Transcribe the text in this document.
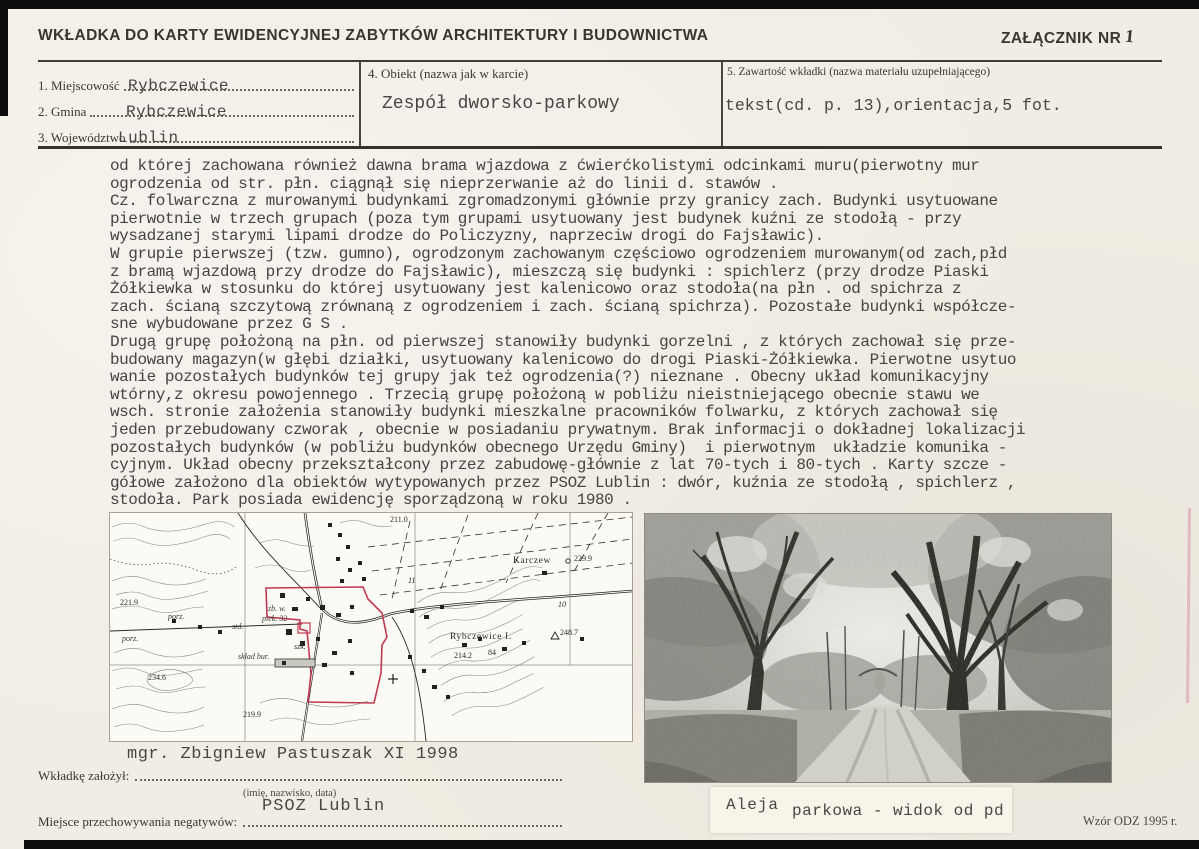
WKŁADKA DO KARTY EWIDENCYJNEJ ZABYTKÓW ARCHITEKTURY I BUDOWNICTWA	ZAŁĄCZNIK NR 1
1. Miejscowość Rybczewice
2. Gmina Rybczewice
3. Województwo
Lublin
4. Obiekt (nazwa jak w karcie)
Zespół dworsko-parkowy
5. Zawartość wkładki (nazwa materiału uzupełniającego)
tekst(cd. p. 13),orientacja,5 fot.
od której zachowana również dawna brama wjazdowa z ćwierćkolistymi odcinkami muru(pierwotny mur
ogrodzenia od str. płn. ciągnął się nieprzerwanie aż do linii d. stawów .
Cz. folwarczna z murowanymi budynkami zgromadzonymi głównie przy granicy zach. Budynki usytuowane
pierwotnie w trzech grupach (poza tym grupami usytuowany jest budynek kuźni ze stodołą - przy
wysadzanej starymi lipami drodze do Policzyzny, naprzeciw drogi do Fajsławic).
W grupie pierwszej (tzw. gumno), ogrodzonym zachowanym częściowo ogrodzeniem murowanym(od zach,płd
z bramą wjazdową przy drodze do Fajsławic), mieszczą się budynki : spichlerz (przy drodze Piaski
Żółkiewka w stosunku do której usytuowany jest kalenicowo oraz stodoła(na płn . od spichrza z
zach. ścianą szczytową zrównaną z ogrodzeniem i zach. ścianą spichrza). Pozostałe budynki współcze-
sne wybudowane przez G S .
Drugą grupę położoną na płn. od pierwszej stanowiły budynki gorzelni , z których zachował się prze-
budowany magazyn(w głębi działki, usytuowany kalenicowo do drogi Piaski-Żółkiewka. Pierwotne usytuo
wanie pozostałych budynków tej grupy jak też ogrodzenia(?) nieznane . Obecny układ komunikacyjny
wtórny,z okresu powojennego . Trzecią grupę położoną w pobliżu nieistniejącego obecnie stawu we
wsch. stronie założenia stanowiły budynki mieszkalne pracowników folwarku, z których zachował się
jeden przebudowany czworak , obecnie w posiadaniu prywatnym. Brak informacji o dokładnej lokalizacji
pozostałych budynków (w pobliżu budynków obecnego Urzędu Gminy)  i pierwotnym  układzie komunika -
cyjnym. Układ obecny przekształcony przez zabudowę-głównie z lat 70-tych i 80-tych . Karty szcze -
gółowe założono dla obiektów wytypowanych przez PSOZ Lublin : dwór, kuźnia ze stodołą , spichlerz ,
stodoła. Park posiada ewidencję sporządzoną w roku 1980 .
211.0
Karczew	229.9
221.9
porz.
porz.
std.
zb. w.
piek. 32
11
10
szk.
skład bur.
234.6
219.9
Rybczewice I.	248.7
84
214.2
mgr. Zbigniew Pastuszak XI 1998
Wkładkę założył:
(imię, nazwisko, data)
PSOZ Lublin
Miejsce przechowywania negatywów:
Aleja parkowa - widok od pd
Wzór ODZ 1995 r.
